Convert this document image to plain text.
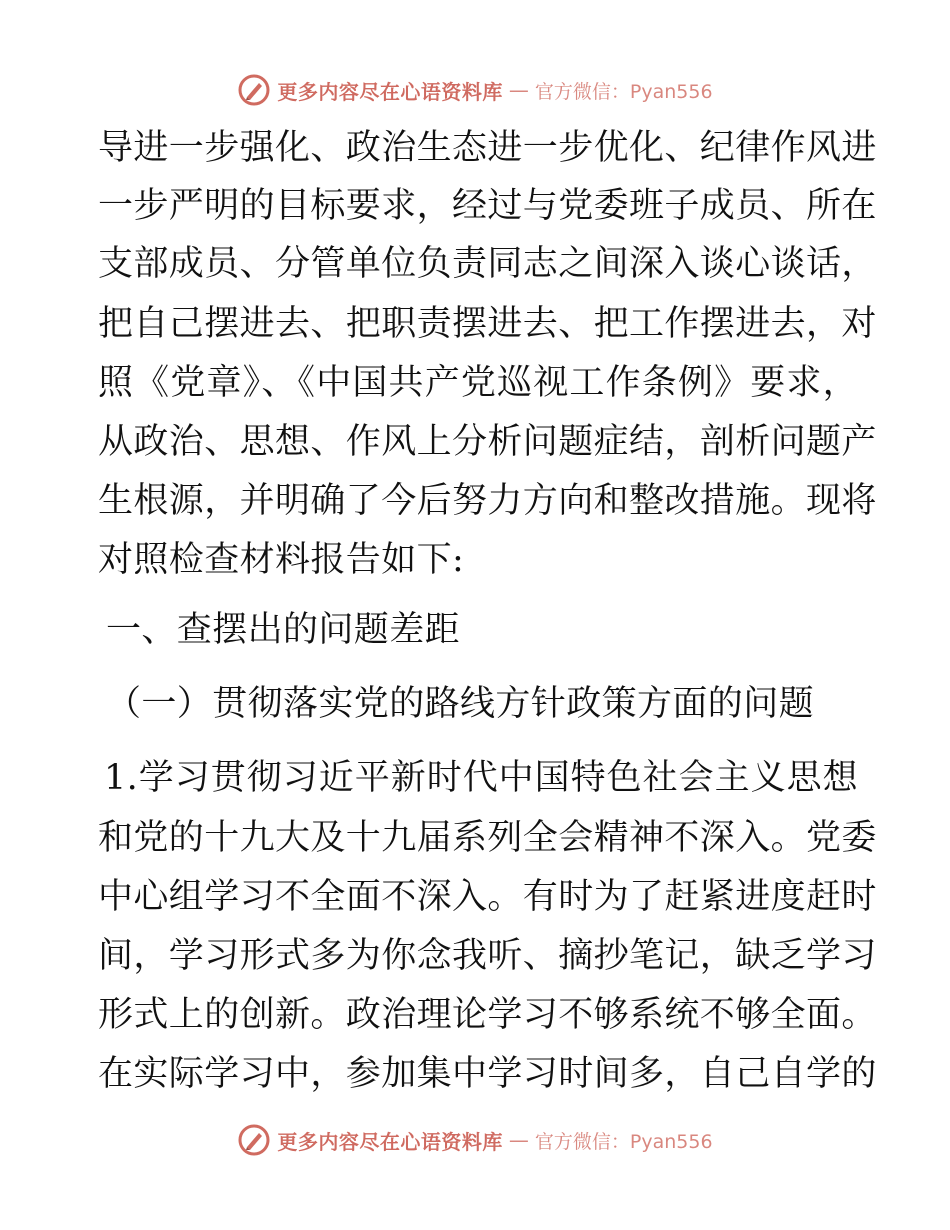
更多内容尽在心语资料库 — 官方微信：Pyan556
导进一步强化、政治生态进一步优化、纪律作风进
一步严明的目标要求，经过与党委班子成员、所在
支部成员、分管单位负责同志之间深入谈心谈话，
把自己摆进去、把职责摆进去、把工作摆进去，对
照《党章》、《中国共产党巡视工作条例》要求，
从政治、思想、作风上分析问题症结，剖析问题产
生根源，并明确了今后努力方向和整改措施。现将
对照检查材料报告如下:
一、查摆出的问题差距
（一）贯彻落实党的路线方针政策方面的问题
1.学习贯彻习近平新时代中国特色社会主义思想
和党的十九大及十九届系列全会精神不深入。党委
中心组学习不全面不深入。有时为了赶紧进度赶时
间，学习形式多为你念我听、摘抄笔记，缺乏学习
形式上的创新。政治理论学习不够系统不够全面。
在实际学习中，参加集中学习时间多，自己自学的
更多内容尽在心语资料库 — 官方微信：Pyan556
